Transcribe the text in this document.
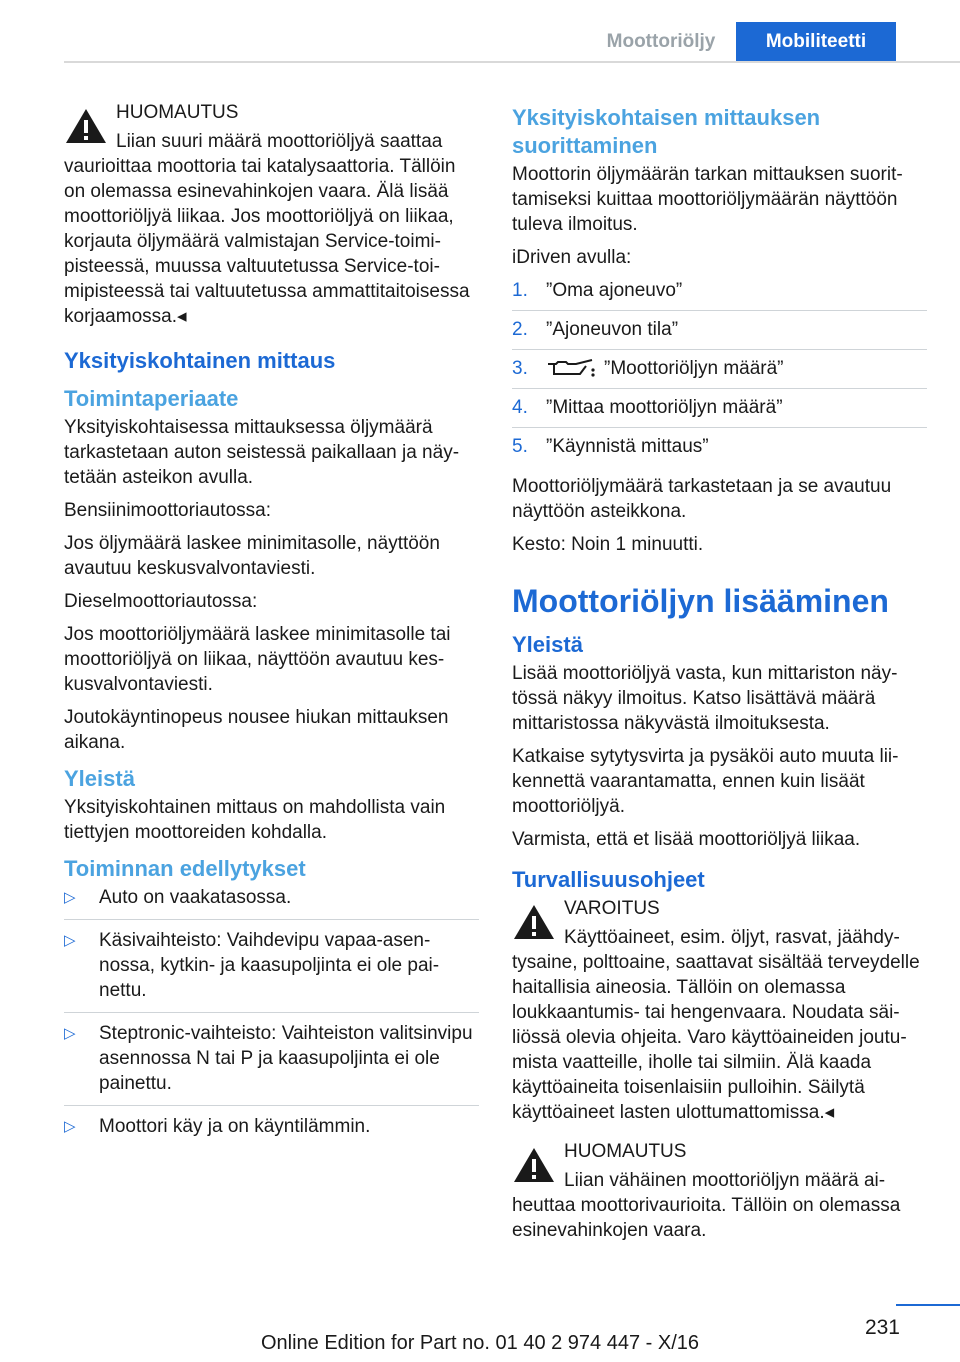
Moottoriöljy	Mobiliteetti
HUOMAUTUS
Liian suuri määrä moottoriöljyä saattaa vaurioittaa moottoria tai katalysaattoria. Tällöin on olemassa esinevahinkojen vaara. Älä lisää moottoriöljyä liikaa. Jos moottoriöljyä on liikaa, korjauta öljymäärä valmistajan Service-toimipisteessä, muussa valtuutetussa Service-toimipisteessä tai valtuutetussa ammattitaitoisessa korjaamossa.◂
Yksityiskohtainen mittaus
Toimintaperiaate

Yksityiskohtaisessa mittauksessa öljymäärä tarkastetaan auton seistessä paikallaan ja näytetään asteikon avulla.

Bensiinimoottoriautossa:

Jos öljymäärä laskee minimitasolle, näyttöön avautuu keskusvalvontaviesti.

Dieselmoottoriautossa:

Jos moottoriöljymäärä laskee minimitasolle tai moottoriöljyä on liikaa, näyttöön avautuu keskusvalvontaviesti.

Joutokäyntinopeus nousee hiukan mittauksen aikana.

Yleistä

Yksityiskohtainen mittaus on mahdollista vain tiettyjen moottoreiden kohdalla.

Toiminnan edellytykset
▷ Auto on vaakatasossa.
▷ Käsivaihteisto: Vaihdevipu vapaa-asennossa, kytkin- ja kaasupoljinta ei ole painettu.
▷ Steptronic-vaihteisto: Vaihteiston valitsinvipu asennossa N tai P ja kaasupoljinta ei ole painettu.
▷ Moottori käy ja on käyntilämmin.
Yksityiskohtaisen mittauksen suorittaminen

Moottorin öljymäärän tarkan mittauksen suorittamiseksi kuittaa moottoriöljymäärän näyttöön tuleva ilmoitus.

iDriven avulla:

1. ”Oma ajoneuvo”
2. ”Ajoneuvon tila”
3.	”Moottoriöljyn määrä”
4. ”Mittaa moottoriöljyn määrä”
5. ”Käynnistä mittaus”

Moottoriöljymäärä tarkastetaan ja se avautuu näyttöön asteikkona.

Kesto: Noin 1 minuutti.

Moottoriöljyn lisääminen
Yleistä

Lisää moottoriöljyä vasta, kun mittariston näytössä näkyy ilmoitus. Katso lisättävä määrä mittaristossa näkyvästä ilmoituksesta.

Katkaise sytytysvirta ja pysäköi auto muuta liikennettä vaarantamatta, ennen kuin lisäät moottoriöljyä.

Varmista, että et lisää moottoriöljyä liikaa.

Turvallisuusohjeet
VAROITUS
Käyttöaineet, esim. öljyt, rasvat, jäähdytysaine, polttoaine, saattavat sisältää terveydelle haitallisia aineosia. Tällöin on olemassa loukkaantumis- tai hengenvaara. Noudata säiliössä olevia ohjeita. Varo käyttöaineiden joutumista vaatteille, iholle tai silmiin. Älä kaada käyttöaineita toisenlaisiin pulloihin. Säilytä käyttöaineet lasten ulottumattomissa.◂
HUOMAUTUS
Liian vähäinen moottoriöljyn määrä aiheuttaa moottorivaurioita. Tällöin on olemassa esinevahinkojen vaara.
231
Online Edition for Part no. 01 40 2 974 447 - X/16
